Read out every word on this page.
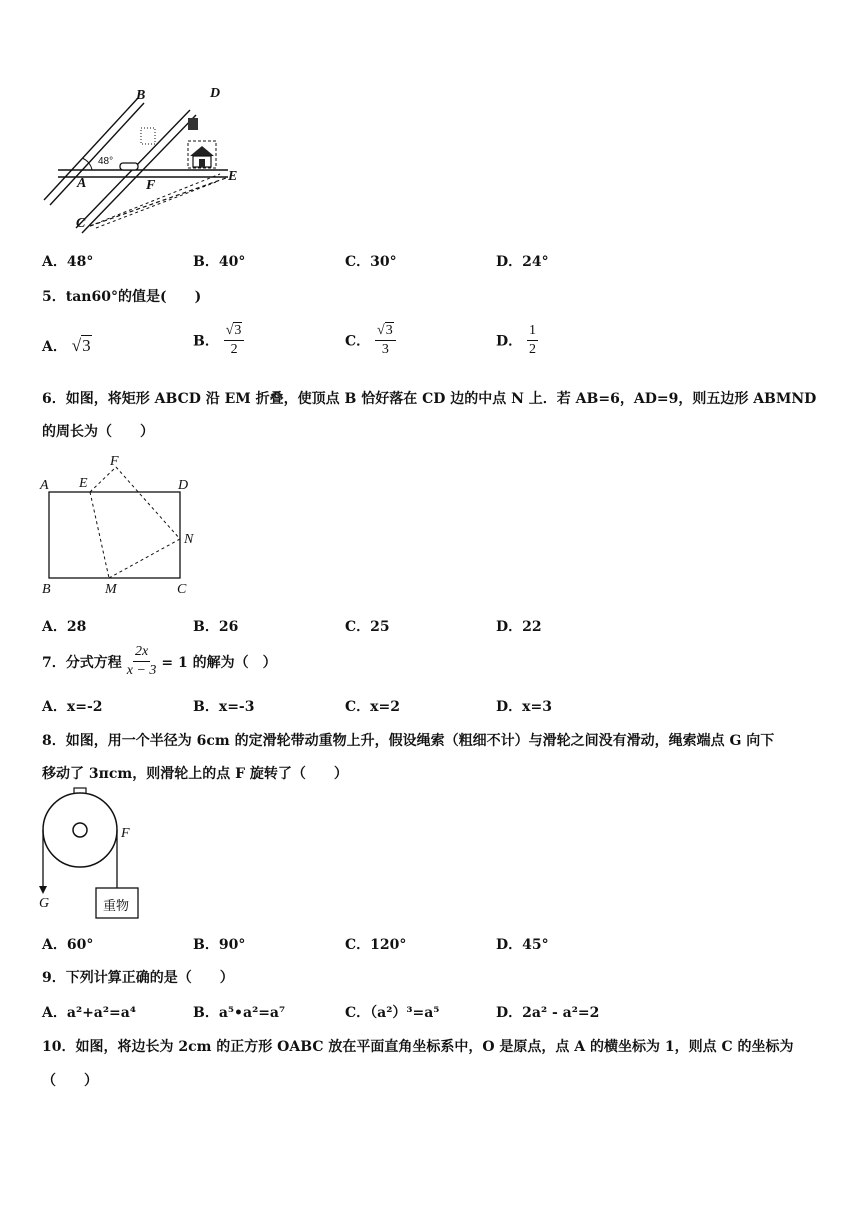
B	D
A	F
E
C
48°
A．48°	B．40°	C．30°	D．24°
5．tan60°的值是(　　)
A． √3	B． $\frac{√3}{2}$	C． $\frac{√3}{3}$	D． $\frac{1}{2}$
6．如图，将矩形 ABCD 沿 EM 折叠，使顶点 B 恰好落在 CD 边的中点 N 上．若 AB=6，AD=9，则五边形 ABMND
的周长为（　　）
F
A E	D
N
B	M	C
A．28	B．26	C．25	D．22
7．分式方程 $\frac{2x}{x - 3} = 1$ 的解为（　）
A．x=-2	B．x=-3	C．x=2	D．x=3
8．如图，用一个半径为 6cm 的定滑轮带动重物上升，假设绳索（粗细不计）与滑轮之间没有滑动，绳索端点 G 向下
移动了 3πcm，则滑轮上的点 F 旋转了（　　）
F
G	重物
A．60°	B．90°	C．120°	D．45°
9．下列计算正确的是（　　）
A．a²+a²=a⁴	B．a⁵•a²=a⁷	C．（a²）³=a⁵	D．2a² - a²=2
10．如图，将边长为 2cm 的正方形 OABC 放在平面直角坐标系中，O 是原点，点 A 的横坐标为 1，则点 C 的坐标为
（　　）
